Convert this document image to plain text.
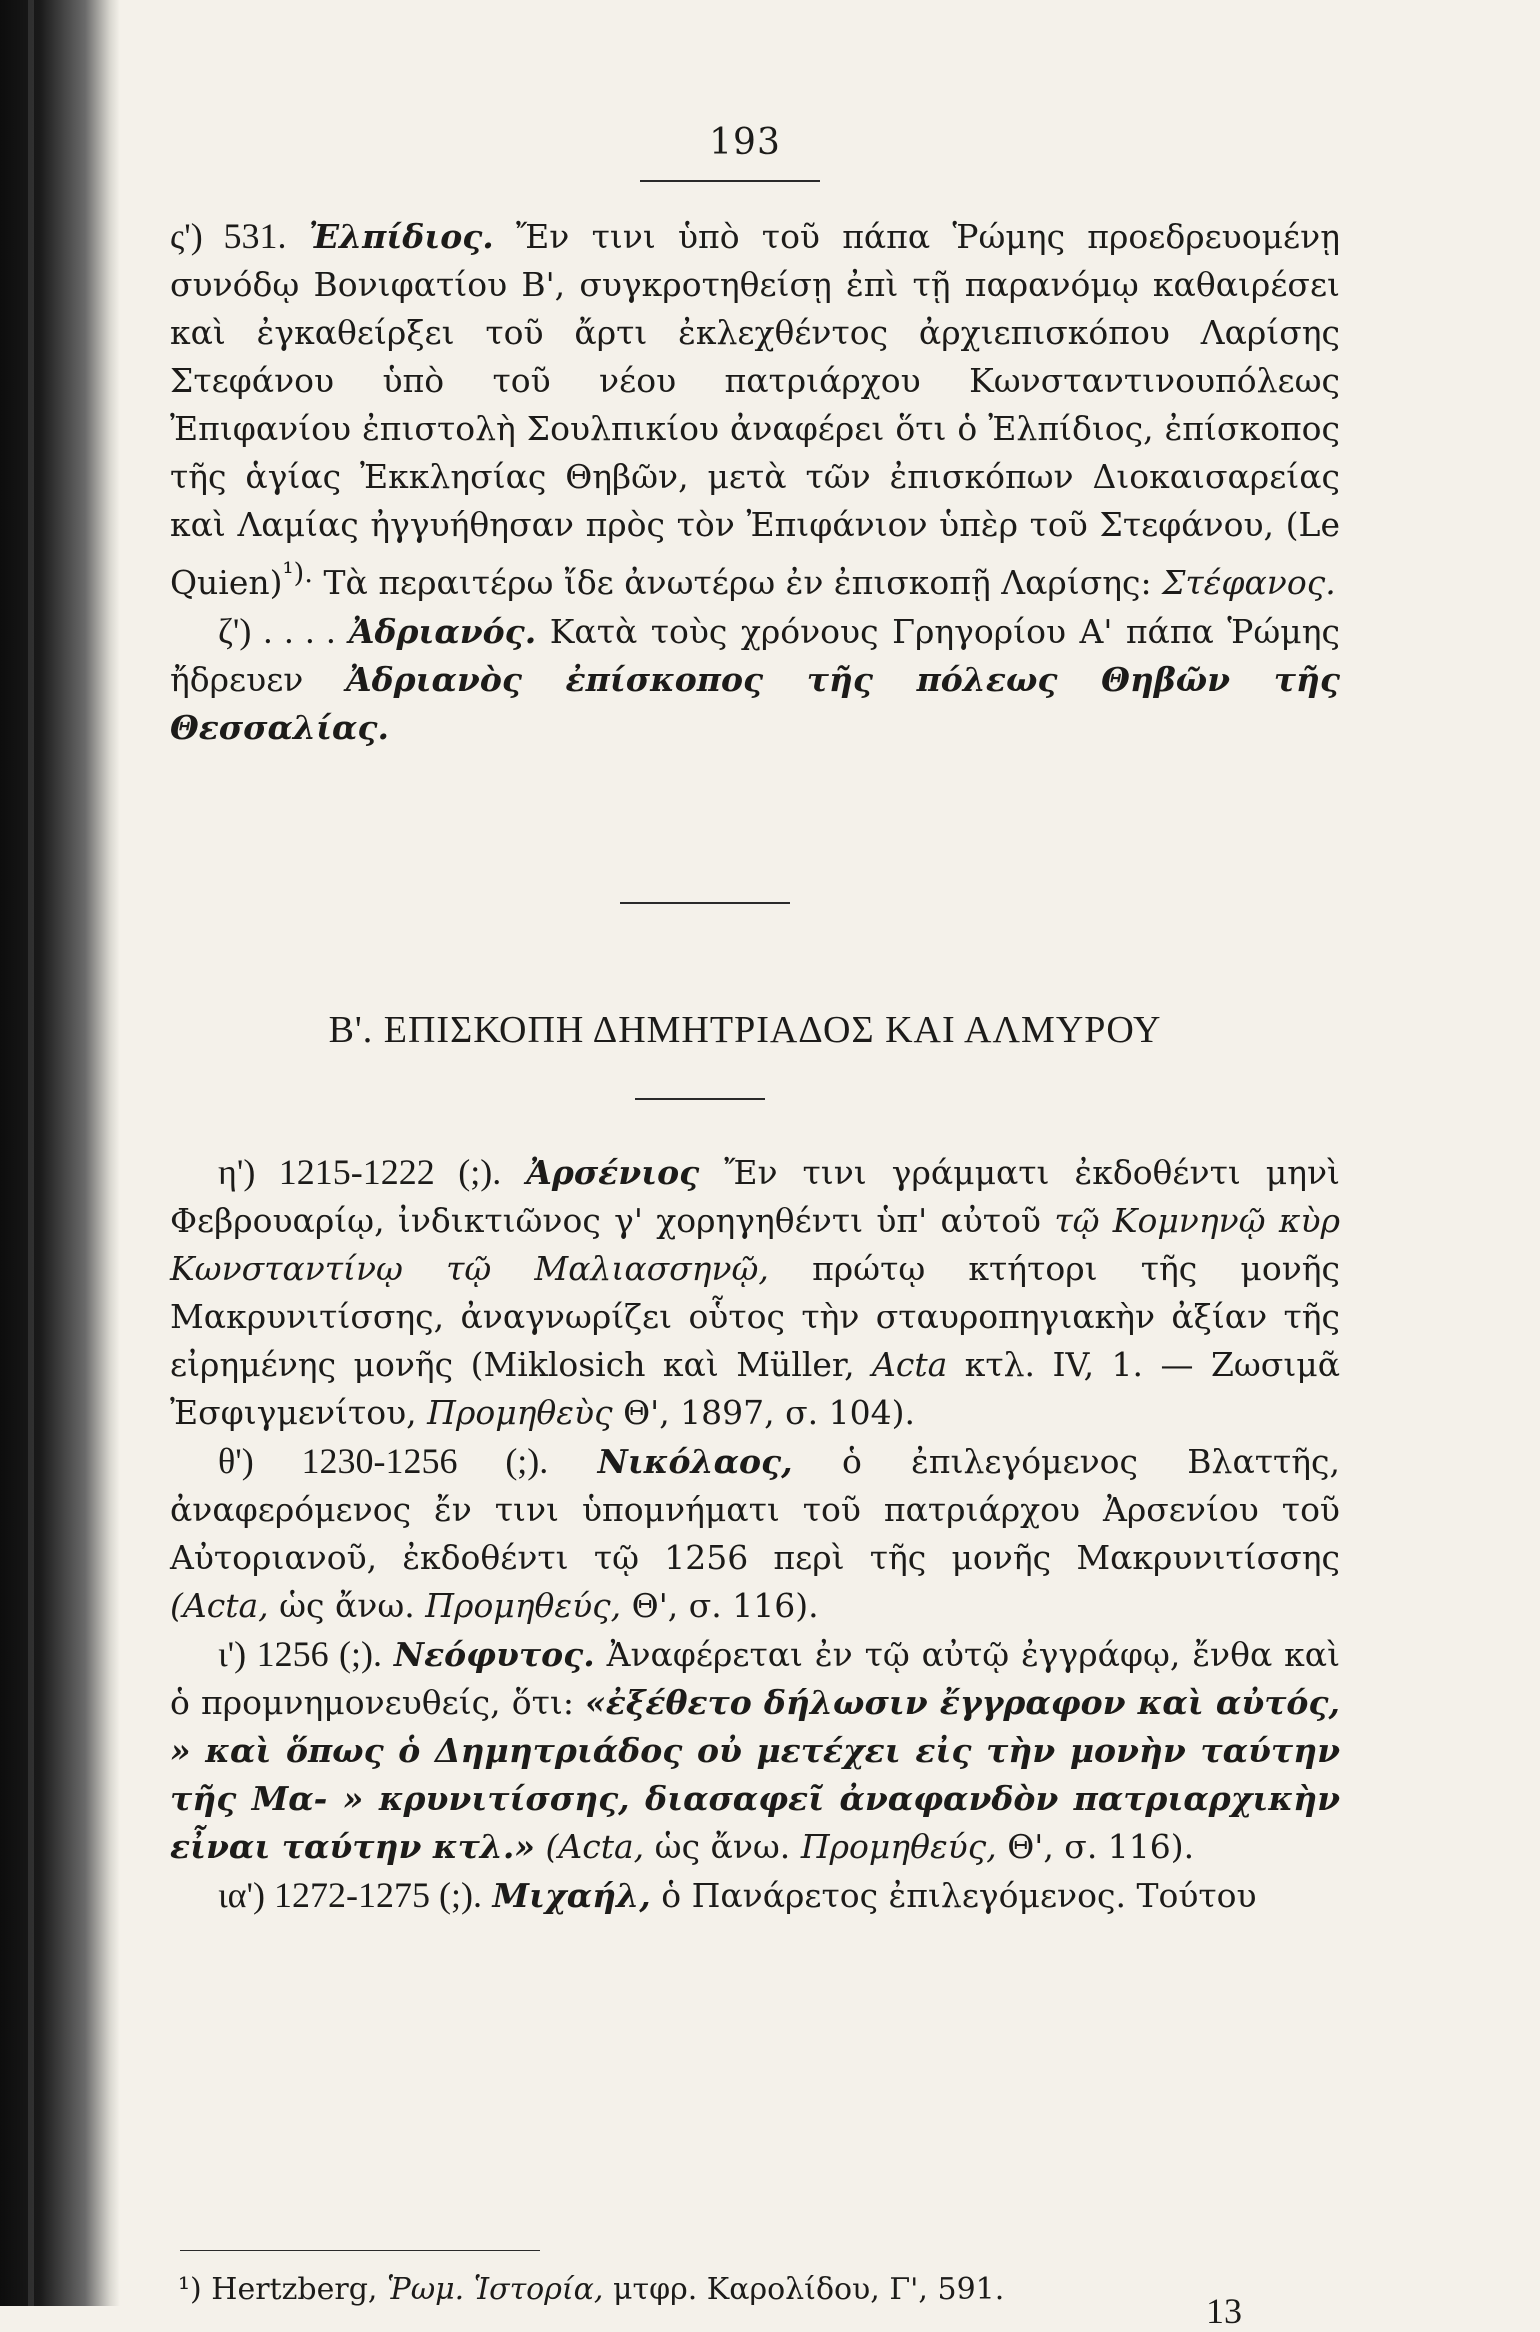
193

ς') 531. Ἐλπίδιος. Ἔν τινι ὑπὸ τοῦ πάπα Ῥώμης προεδρευομένῃ συνόδῳ Βονιφατίου Β', συγκροτηθείσῃ ἐπὶ τῇ παρανόμῳ καθαιρέσει καὶ ἐγκαθείρξει τοῦ ἄρτι ἐκλεχθέντος ἀρχιεπισκόπου Λαρίσης Στεφάνου ὑπὸ τοῦ νέου πατριάρχου Κωνσταντινουπόλεως Ἐπιφανίου ἐπιστολὴ Σουλπικίου ἀναφέρει ὅτι ὁ Ἐλπίδιος, ἐπίσκοπος τῆς ἁγίας Ἐκκλησίας Θηβῶν, μετὰ τῶν ἐπισκόπων Διοκαισαρείας καὶ Λαμίας ἠγγυήθησαν πρὸς τὸν Ἐπιφάνιον ὑπὲρ τοῦ Στεφάνου, (Le Quien)$^{^1).}$ Τὰ περαιτέρω ἴδε ἀνωτέρω ἐν ἐπισκοπῇ Λαρίσης: Στέφανος.

ζ') . . . . Ἀδριανός. Κατὰ τοὺς χρόνους Γρηγορίου Α' πάπα Ῥώμης ἤδρευεν Ἀδριανὸς ἐπίσκοπος τῆς πόλεως Θηβῶν τῆς Θεσσαλίας.

Β'. ΕΠΙΣΚΟΠΗ ΔΗΜΗΤΡΙΑΔΟΣ ΚΑΙ ΑΛΜΥΡΟΥ

η') 1215-1222 (;). Ἀρσένιος Ἔν τινι γράμματι ἐκδοθέντι μηνὶ Φεβρουαρίῳ, ἰνδικτιῶνος γ' χορηγηθέντι ὑπ' αὐτοῦ τῷ Κομνηνῷ κὺρ Κωνσταντίνῳ τῷ Μαλιασσηνῷ, πρώτῳ κτήτορι τῆς μονῆς Μακρυνιτίσσης, ἀναγνωρίζει οὗτος τὴν σταυροπηγιακὴν ἀξίαν τῆς εἰρημένης μονῆς (Miklosich καὶ Müller, Acta κτλ. IV, 1. — Ζωσιμᾶ Ἐσφιγμενίτου, Προμηθεὺς Θ', 1897, σ. 104).

θ') 1230-1256 (;). Νικόλαος, ὁ ἐπιλεγόμενος Βλαττῆς, ἀναφερόμενος ἔν τινι ὑπομνήματι τοῦ πατριάρχου Ἀρσενίου τοῦ Αὐτοριανοῦ, ἐκδοθέντι τῷ 1256 περὶ τῆς μονῆς Μακρυνιτίσσης (Acta, ὡς ἄνω. Προμηθεύς, Θ', σ. 116).

ι') 1256 (;). Νεόφυτος. Ἀναφέρεται ἐν τῷ αὐτῷ ἐγγράφῳ, ἔνθα καὶ ὁ προμνημονευθείς, ὅτι: «ἐξέθετο δήλωσιν ἔγγραφον καὶ αὐτός, » καὶ ὅπως ὁ Δημητριάδος οὐ μετέχει εἰς τὴν μονὴν ταύτην τῆς Μα- » κρυνιτίσσης, διασαφεῖ ἀναφανδὸν πατριαρχικὴν εἶναι ταύτην κτλ.» (Acta, ὡς ἄνω. Προμηθεύς, Θ', σ. 116).

ια') 1272-1275 (;). Μιχαήλ, ὁ Πανάρετος ἐπιλεγόμενος. Τούτου

¹) Hertzberg, Ῥωμ. Ἱστορία, μτφρ. Καρολίδου, Γ', 591.
13
